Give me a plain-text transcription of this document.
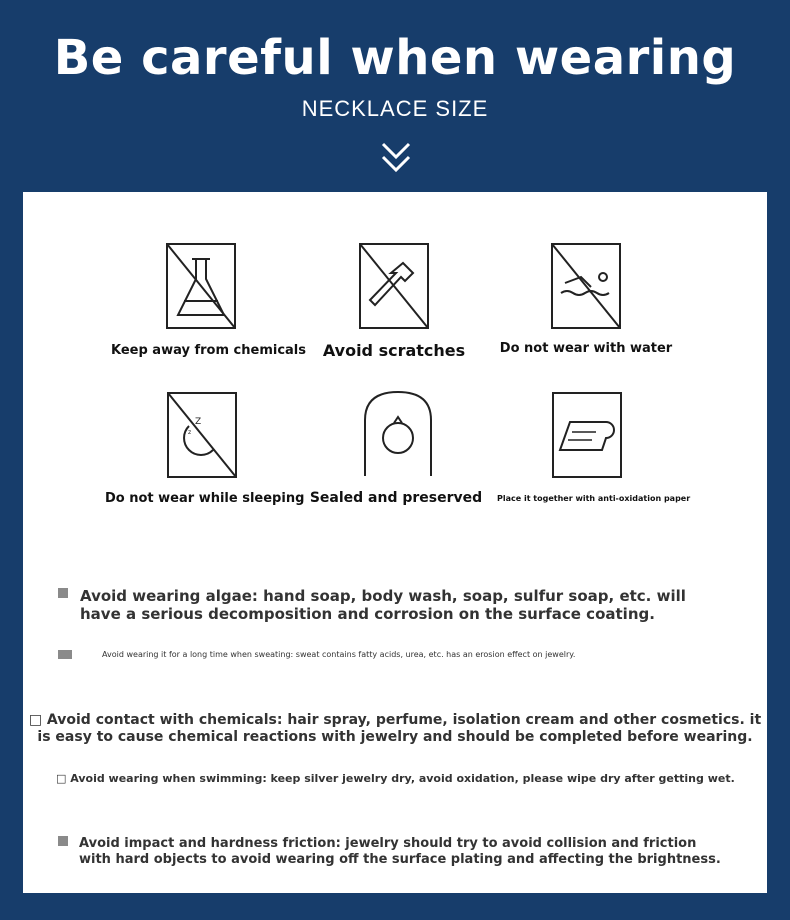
Be careful when wearing
NECKLACE SIZE
Keep away from chemicals	Avoid scratches	Do not wear with water
Z
z
Do not wear while sleeping Sealed and preserved	Place it together with anti-oxidation paper
Avoid wearing algae: hand soap, body wash, soap, sulfur soap, etc. will
have a serious decomposition and corrosion on the surface coating.
Avoid wearing it for a long time when sweating: sweat contains fatty acids, urea, etc. has an erosion effect on jewelry.
□ Avoid contact with chemicals: hair spray, perfume, isolation cream and other cosmetics. it
is easy to cause chemical reactions with jewelry and should be completed before wearing.
□ Avoid wearing when swimming: keep silver jewelry dry, avoid oxidation, please wipe dry after getting wet.
Avoid impact and hardness friction: jewelry should try to avoid collision and friction
with hard objects to avoid wearing off the surface plating and affecting the brightness.
